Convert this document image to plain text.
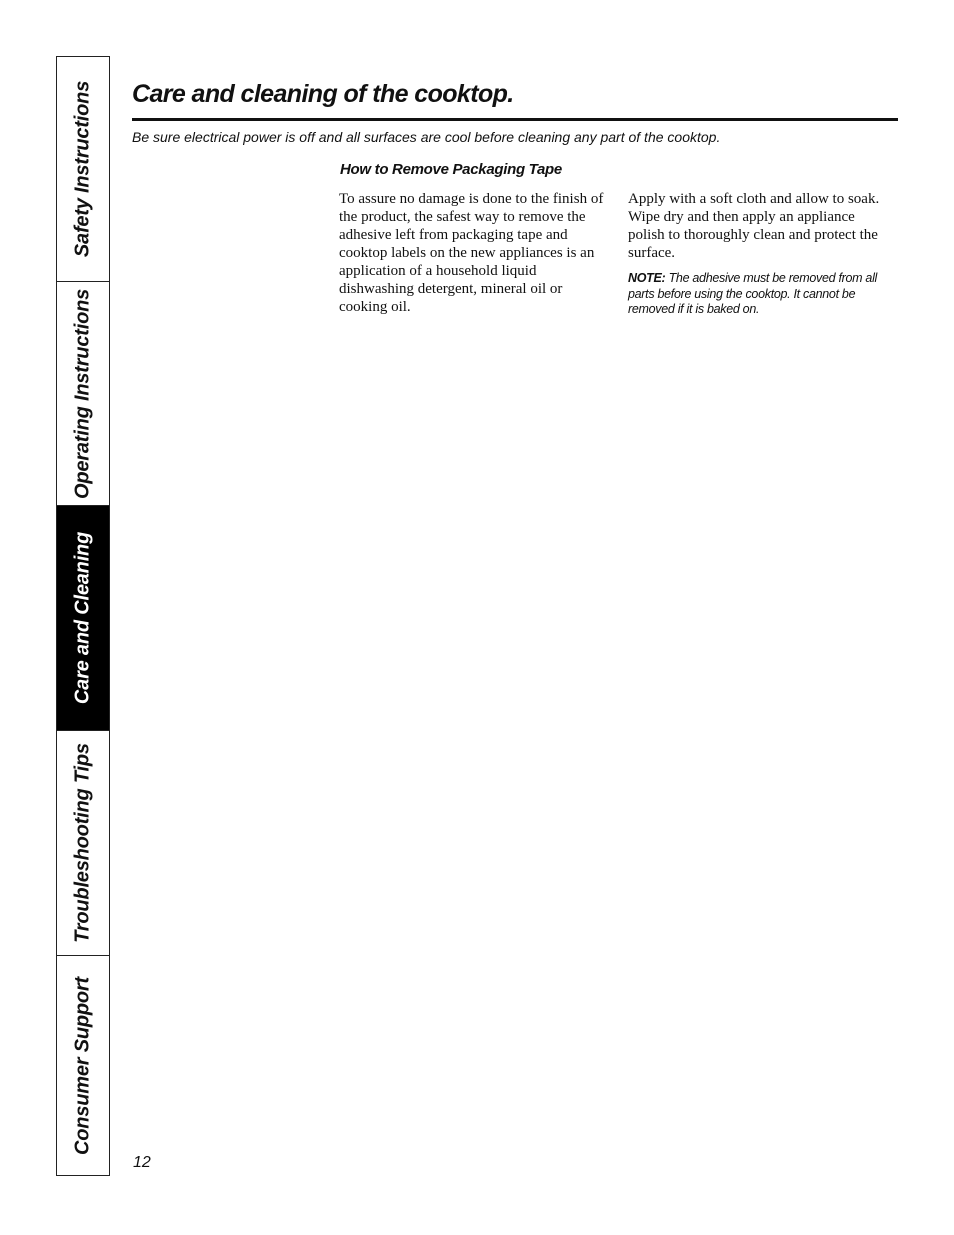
Safety Instructions
Operating Instructions
Care and Cleaning
Troubleshooting Tips
Consumer Support
Care and cleaning of the cooktop.
Be sure electrical power is off and all surfaces are cool before cleaning any part of the cooktop.
How to Remove Packaging Tape

To assure no damage is done to the finish of the product, the safest way to remove the adhesive left from packaging tape and cooktop labels on the new appliances is an application of a household liquid dishwashing detergent, mineral oil or cooking oil.

Apply with a soft cloth and allow to soak. Wipe dry and then apply an appliance polish to thoroughly clean and protect the surface.

NOTE: The adhesive must be removed from all parts before using the cooktop. It cannot be removed if it is baked on.

12
